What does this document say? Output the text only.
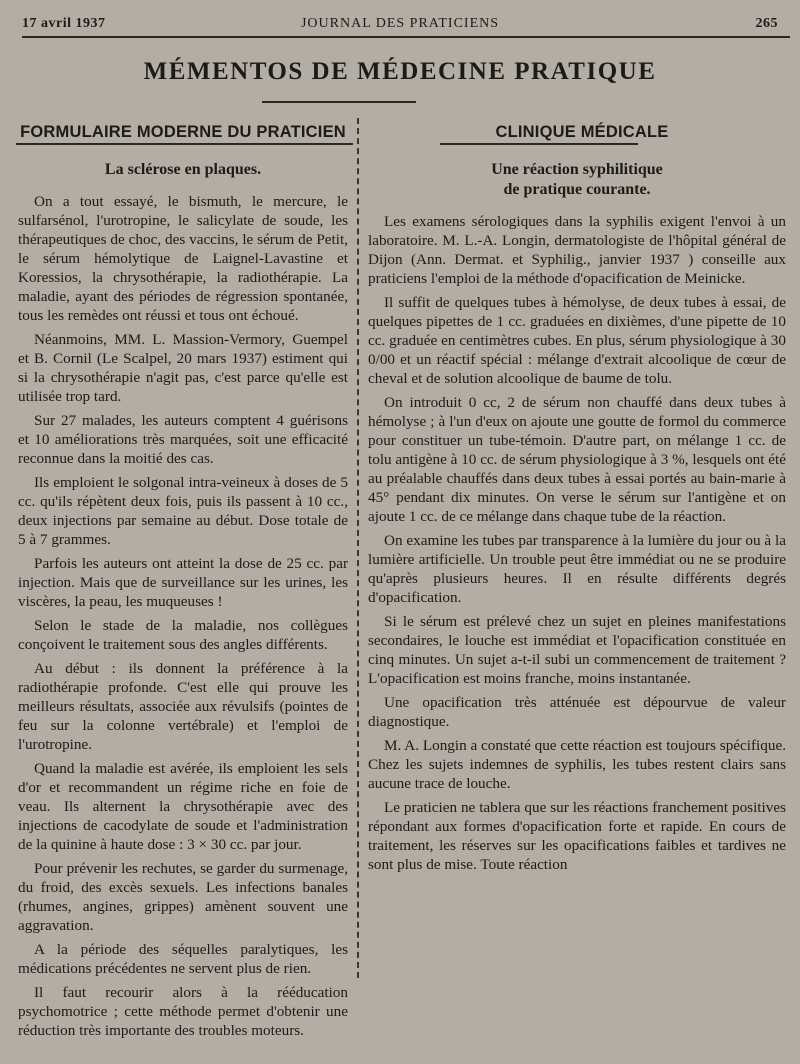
17 avril 1937	JOURNAL DES PRATICIENS	265
MÉMENTOS DE MÉDECINE PRATIQUE
FORMULAIRE MODERNE DU PRATICIEN	CLINIQUE MÉDICALE
La sclérose en plaques.

On a tout essayé, le bismuth, le mercure, le sulfarsénol, l'urotropine, le salicylate de soude, les thérapeutiques de choc, des vaccins, le sérum de Petit, le sérum hémolytique de Laignel-Lavastine et Koressios, la chrysothérapie, la radiothérapie. La maladie, ayant des périodes de régression spontanée, tous les remèdes ont réussi et tous ont échoué.

Néanmoins, MM. L. Massion-Vermory, Guempel et B. Cornil (Le Scalpel, 20 mars 1937) estiment qui si la chrysothérapie n'agit pas, c'est parce qu'elle est utilisée trop tard.

Sur 27 malades, les auteurs comptent 4 guérisons et 10 améliorations très marquées, soit une efficacité reconnue dans la moitié des cas.

Ils emploient le solgonal intra-veineux à doses de 5 cc. qu'ils répètent deux fois, puis ils passent à 10 cc., deux injections par semaine au début. Dose totale de 5 à 7 grammes.

Parfois les auteurs ont atteint la dose de 25 cc. par injection. Mais que de surveillance sur les urines, les viscères, la peau, les muqueuses !

Selon le stade de la maladie, nos collègues conçoivent le traitement sous des angles différents.

Au début : ils donnent la préférence à la radiothérapie profonde. C'est elle qui prouve les meilleurs résultats, associée aux révulsifs (pointes de feu sur la colonne vertébrale) et l'emploi de l'urotropine.

Quand la maladie est avérée, ils emploient les sels d'or et recommandent un régime riche en foie de veau. Ils alternent la chrysothérapie avec des injections de cacodylate de soude et l'administration de la quinine à haute dose : 3 × 30 cc. par jour.

Pour prévenir les rechutes, se garder du surmenage, du froid, des excès sexuels. Les infections banales (rhumes, angines, grippes) amènent souvent une aggravation.

A la période des séquelles paralytiques, les médications précédentes ne servent plus de rien.

Il faut recourir alors à la rééducation psychomotrice ; cette méthode permet d'obtenir une réduction très importante des troubles moteurs.

Une réaction syphilitique
de pratique courante.

Les examens sérologiques dans la syphilis exigent l'envoi à un laboratoire. M. L.-A. Longin, dermatologiste de l'hôpital général de Dijon (Ann. Dermat. et Syphilig., janvier 1937 ) conseille aux praticiens l'emploi de la méthode d'opacification de Meinicke.

Il suffit de quelques tubes à hémolyse, de deux tubes à essai, de quelques pipettes de 1 cc. graduées en dixièmes, d'une pipette de 10 cc. graduée en centimètres cubes. En plus, sérum physiologique à 30 0/00 et un réactif spécial : mélange d'extrait alcoolique de cœur de cheval et de solution alcoolique de baume de tolu.

On introduit 0 cc, 2 de sérum non chauffé dans deux tubes à hémolyse ; à l'un d'eux on ajoute une goutte de formol du commerce pour constituer un tube-témoin. D'autre part, on mélange 1 cc. de tolu antigène à 10 cc. de sérum physiologique à 3 %, lesquels ont été au préalable chauffés dans deux tubes à essai portés au bain-marie à 45° pendant dix minutes. On verse le sérum sur l'antigène et on ajoute 1 cc. de ce mélange dans chaque tube de la réaction.

On examine les tubes par transparence à la lumière du jour ou à la lumière artificielle. Un trouble peut être immédiat ou ne se produire qu'après plusieurs heures. Il en résulte différents degrés d'opacification.

Si le sérum est prélevé chez un sujet en pleines manifestations secondaires, le louche est immédiat et l'opacification constituée en cinq minutes. Un sujet a-t-il subi un commencement de traitement ? L'opacification est moins franche, moins instantanée.

Une opacification très atténuée est dépourvue de valeur diagnostique.

M. A. Longin a constaté que cette réaction est toujours spécifique. Chez les sujets indemnes de syphilis, les tubes restent clairs sans aucune trace de louche.

Le praticien ne tablera que sur les réactions franchement positives répondant aux formes d'opacification forte et rapide. En cours de traitement, les réserves sur les opacifications faibles et tardives ne sont plus de mise. Toute réaction
